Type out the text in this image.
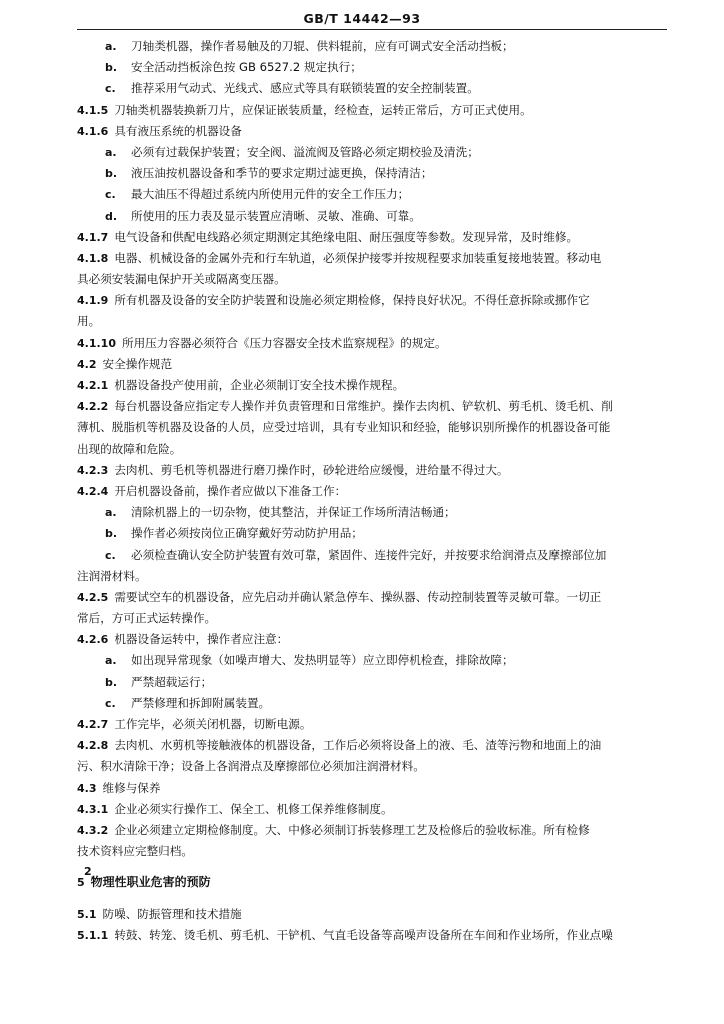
GB/T 14442—93
a. 刀轴类机器，操作者易触及的刀辊、供料辊前，应有可调式安全活动挡板；
b. 安全活动挡板涂色按 GB 6527.2 规定执行；
c. 推荐采用气动式、光线式、感应式等具有联锁装置的安全控制装置。
4.1.5 刀轴类机器装换新刀片，应保证嵌装质量，经检查，运转正常后，方可正式使用。
4.1.6 具有液压系统的机器设备
a. 必须有过载保护装置；安全阀、溢流阀及管路必须定期校验及清洗；
b. 液压油按机器设备和季节的要求定期过滤更换，保持清洁；
c. 最大油压不得超过系统内所使用元件的安全工作压力；
d. 所使用的压力表及显示装置应清晰、灵敏、准确、可靠。
4.1.7 电气设备和供配电线路必须定期测定其绝缘电阻、耐压强度等参数。发现异常，及时维修。
4.1.8 电器、机械设备的金属外壳和行车轨道，必须保护接零并按规程要求加装重复接地装置。移动电
具必须安装漏电保护开关或隔离变压器。
4.1.9 所有机器及设备的安全防护装置和设施必须定期检修，保持良好状况。不得任意拆除或挪作它
用。
4.1.10 所用压力容器必须符合《压力容器安全技术监察规程》的规定。
4.2 安全操作规范
4.2.1 机器设备投产使用前，企业必须制订安全技术操作规程。
4.2.2 每台机器设备应指定专人操作并负责管理和日常维护。操作去肉机、铲软机、剪毛机、烫毛机、削
薄机、脱脂机等机器及设备的人员，应受过培训，具有专业知识和经验，能够识别所操作的机器设备可能
出现的故障和危险。
4.2.3 去肉机、剪毛机等机器进行磨刀操作时，砂轮进给应缓慢，进给量不得过大。
4.2.4 开启机器设备前，操作者应做以下准备工作：
a. 清除机器上的一切杂物，使其整洁，并保证工作场所清洁畅通；
b. 操作者必须按岗位正确穿戴好劳动防护用品；
c. 必须检查确认安全防护装置有效可靠，紧固件、连接件完好，并按要求给润滑点及摩擦部位加
注润滑材料。
4.2.5 需要试空车的机器设备，应先启动并确认紧急停车、操纵器、传动控制装置等灵敏可靠。一切正
常后，方可正式运转操作。
4.2.6 机器设备运转中，操作者应注意：
a. 如出现异常现象（如噪声增大、发热明显等）应立即停机检查，排除故障；
b. 严禁超载运行；
c. 严禁修理和拆卸附属装置。
4.2.7 工作完毕，必须关闭机器，切断电源。
4.2.8 去肉机、水剪机等接触液体的机器设备，工作后必须将设备上的液、毛、渣等污物和地面上的油
污、积水清除干净；设备上各润滑点及摩擦部位必须加注润滑材料。
4.3 维修与保养
4.3.1 企业必须实行操作工、保全工、机修工保养维修制度。
4.3.2 企业必须建立定期检修制度。大、中修必须制订拆装修理工艺及检修后的验收标准。所有检修
技术资料应完整归档。
5 物理性职业危害的预防
5.1 防噪、防振管理和技术措施
5.1.1 转鼓、转笼、烫毛机、剪毛机、干铲机、气直毛设备等高噪声设备所在车间和作业场所，作业点噪
2
